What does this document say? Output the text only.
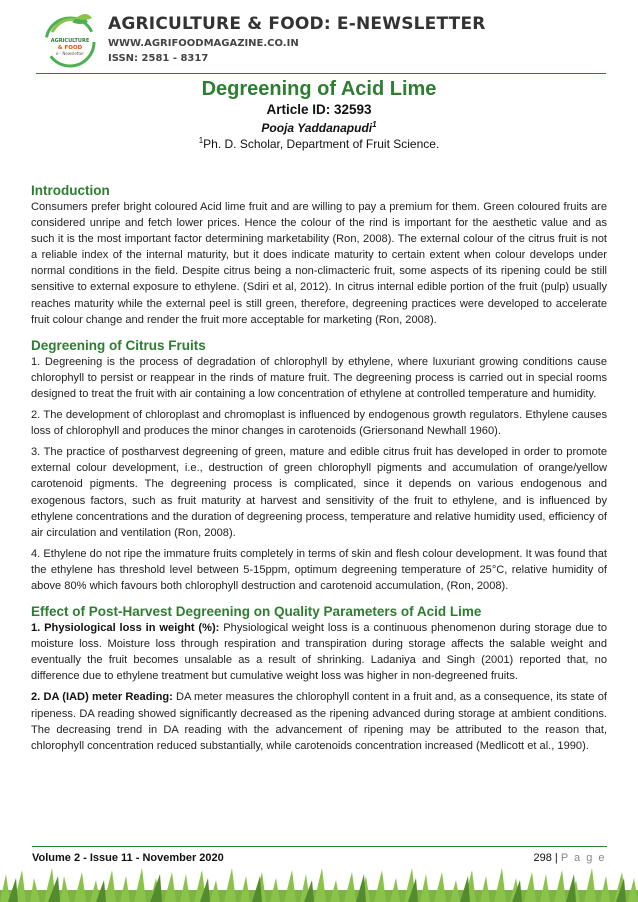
AGRICULTURE
& FOOD
e - Newsletter
AGRICULTURE & FOOD: E-NEWSLETTER
WWW.AGRIFOODMAGAZINE.CO.IN
ISSN: 2581 - 8317
Degreening of Acid Lime
Article ID: 32593
Pooja Yaddanapudi$^1$
$^1$Ph. D. Scholar, Department of Fruit Science.
Introduction

Consumers prefer bright coloured Acid lime fruit and are willing to pay a premium for them. Green coloured fruits are considered unripe and fetch lower prices. Hence the colour of the rind is important for the aesthetic value and as such it is the most important factor determining marketability (Ron, 2008). The external colour of the citrus fruit is not a reliable index of the internal maturity, but it does indicate maturity to certain extent when colour develops under normal conditions in the field. Despite citrus being a non-climacteric fruit, some aspects of its ripening could be still sensitive to external exposure to ethylene. (Sdiri et al, 2012). In citrus internal edible portion of the fruit (pulp) usually reaches maturity while the external peel is still green, therefore, degreening practices were developed to accelerate fruit colour change and render the fruit more acceptable for marketing (Ron, 2008).

Degreening of Citrus Fruits

1. Degreening is the process of degradation of chlorophyll by ethylene, where luxuriant growing conditions cause chlorophyll to persist or reappear in the rinds of mature fruit. The degreening process is carried out in special rooms designed to treat the fruit with air containing a low concentration of ethylene at controlled temperature and humidity.

2. The development of chloroplast and chromoplast is influenced by endogenous growth regulators. Ethylene causes loss of chlorophyll and produces the minor changes in carotenoids (Griersonand Newhall 1960).

3. The practice of postharvest degreening of green, mature and edible citrus fruit has developed in order to promote external colour development, i.e., destruction of green chlorophyll pigments and accumulation of orange/yellow carotenoid pigments. The degreening process is complicated, since it depends on various endogenous and exogenous factors, such as fruit maturity at harvest and sensitivity of the fruit to ethylene, and is influenced by ethylene concentrations and the duration of degreening process, temperature and relative humidity used, efficiency of air circulation and ventilation (Ron, 2008).

4. Ethylene do not ripe the immature fruits completely in terms of skin and flesh colour development. It was found that the ethylene has threshold level between 5-15ppm, optimum degreening temperature of 25°C, relative humidity of above 80% which favours both chlorophyll destruction and carotenoid accumulation, (Ron, 2008).

Effect of Post-Harvest Degreening on Quality Parameters of Acid Lime

1. Physiological loss in weight (%): Physiological weight loss is a continuous phenomenon during storage due to moisture loss. Moisture loss through respiration and transpiration during storage affects the salable weight and eventually the fruit becomes unsalable as a result of shrinking. Ladaniya and Singh (2001) reported that, no difference due to ethylene treatment but cumulative weight loss was higher in non-degreened fruits.

2. DA (IAD) meter Reading: DA meter measures the chlorophyll content in a fruit and, as a consequence, its state of ripeness. DA reading showed significantly decreased as the ripening advanced during storage at ambient conditions. The decreasing trend in DA reading with the advancement of ripening may be attributed to the reason that, chlorophyll concentration reduced substantially, while carotenoids concentration increased (Medlicott et al., 1990).

Volume 2 - Issue 11 - November 2020	298 | P a g e
